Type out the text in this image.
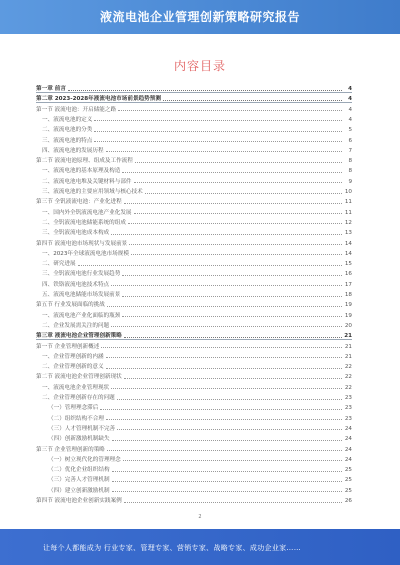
液流电池企业管理创新策略研究报告
内容目录
第一章 前言	4
第二章 2023-2028年液流电池市场前景趋势预测	4
第一节 液流电池：开启储能之路	4
一、液流电池的定义	4
二、液流电池的分类	5
三、液流电池的特点	6
四、液流电池的发展历程	7
第二节 液流电池原理、组成及工作流程	8
一、液流电池的基本原理及构造	8
二、液流电池电堆及关键材料与部件	9
三、液流电池的主要应用领域与核心技术	10
第三节 全钒液流电池：产业化进程	11
一、国内外全钒液流电池产业化发展	11
二、全钒液流电池储能系统的组成	12
三、全钒液流电池成本构成	13
第四节 液流电池市场现状与发展前景	14
一、2023年全球液流电池市场规模	14
二、研究进展	15
三、全钒液流电池行业发展趋势	16
四、铁铬液流电池技术特点	17
五、液流电池储能市场发展前景	18
第五节 行业发展面临的挑战	19
一、液流电池产业化面临的瓶颈	19
二、企业发展需关注的问题	20
第三章 液流电池企业管理创新策略	21
第一节 企业管理创新概述	21
一、企业管理创新的内涵	21
二、企业管理创新的意义	22
第二节 液流电池企业管理创新现状	22
一、液流电池企业管理现状	22
二、企业管理创新存在的问题	23
（一）管理理念滞后	23
（二）组织结构不合理	23
（三）人才管理机制不完善	24
（四）创新激励机制缺失	24
第三节 企业管理创新的策略	24
（一）树立现代化的管理理念	24
（二）优化企业组织结构	25
（三）完善人才管理机制	25
（四）建立创新激励机制	25
第四节 液流电池企业创新实践案例	26
2
让每个人都能成为 行业专家、管理专家、营销专家、战略专家、成功企业家……
